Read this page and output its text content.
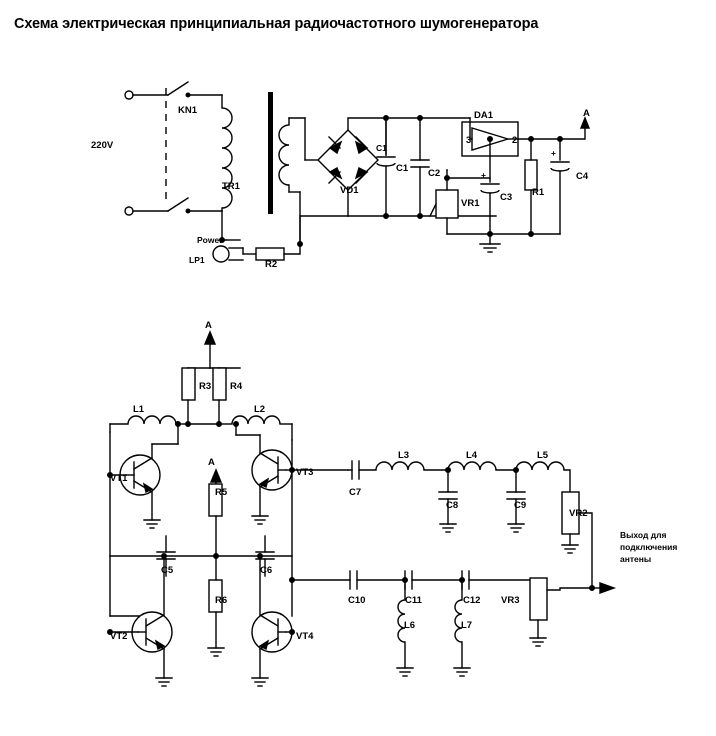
Схема электрическая принципиальная радиочастотного шумогенератора
C1
+
+
KN1
220V
TR1	VD1
C1 C2
DA1
3	2
VR1
C3 R1
C4
A
Power
LP1	R2
A
R3 R4
L1	L2
VT1
VT3
A
R5
C5	C6
R6
VT2	VT4
C7
L3	L4	L5
C8	C9
VR2
C10	C11	C12
L6	L7
VR3
Выход для
подключения
антены
